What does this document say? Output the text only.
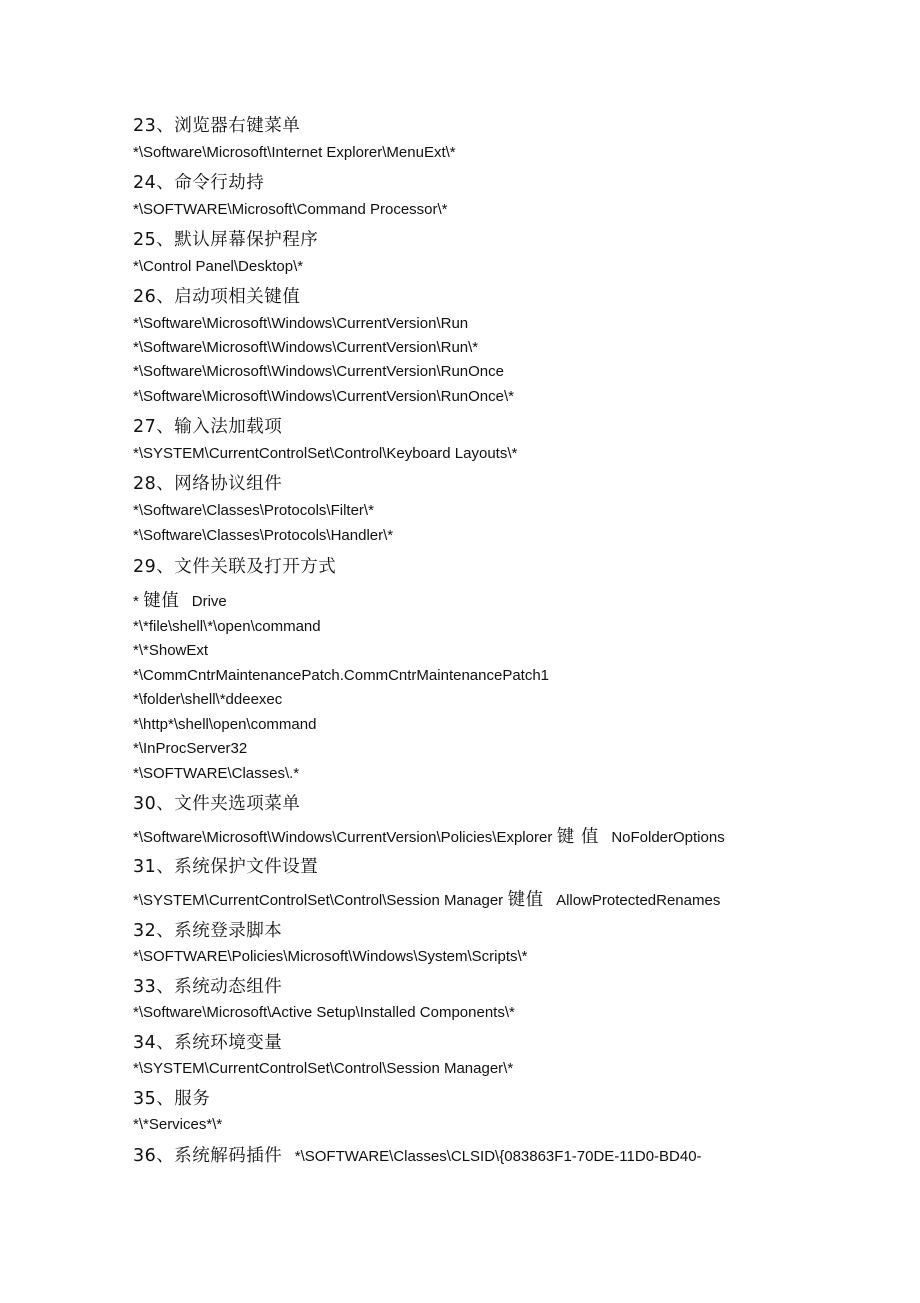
23、浏览器右键菜单
*\Software\Microsoft\Internet Explorer\MenuExt\*
24、命令行劫持
*\SOFTWARE\Microsoft\Command Processor\*
25、默认屏幕保护程序
*\Control Panel\Desktop\*
26、启动项相关键值
*\Software\Microsoft\Windows\CurrentVersion\Run
*\Software\Microsoft\Windows\CurrentVersion\Run\*
*\Software\Microsoft\Windows\CurrentVersion\RunOnce
*\Software\Microsoft\Windows\CurrentVersion\RunOnce\*
27、输入法加载项
*\SYSTEM\CurrentControlSet\Control\Keyboard Layouts\*
28、网络协议组件
*\Software\Classes\Protocols\Filter\*
*\Software\Classes\Protocols\Handler\*
29、文件关联及打开方式
* 键值 Drive
*\*file\shell\*\open\command
*\*ShowExt
*\CommCntrMaintenancePatch.CommCntrMaintenancePatch1
*\folder\shell\*ddeexec
*\http*\shell\open\command
*\InProcServer32
*\SOFTWARE\Classes\.*
30、文件夹选项菜单
*\Software\Microsoft\Windows\CurrentVersion\Policies\Explorer 键 值 NoFolderOptions
31、系统保护文件设置
*\SYSTEM\CurrentControlSet\Control\Session Manager 键值 AllowProtectedRenames
32、系统登录脚本
*\SOFTWARE\Policies\Microsoft\Windows\System\Scripts\*
33、系统动态组件
*\Software\Microsoft\Active Setup\Installed Components\*
34、系统环境变量
*\SYSTEM\CurrentControlSet\Control\Session Manager\*
35、服务
*\*Services*\*
36、系统解码插件 *\SOFTWARE\Classes\CLSID\{083863F1-70DE-11D0-BD40-
